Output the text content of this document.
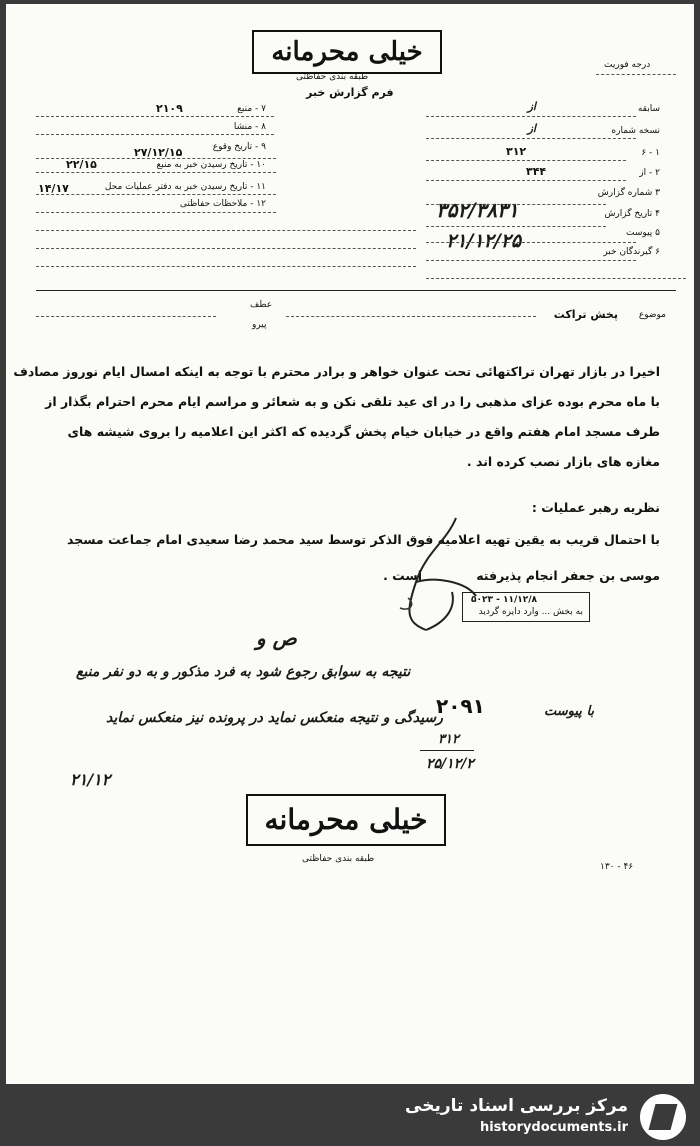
خیلی محرمانه
طبقه بندی حفاظتی
فرم گزارش خبر
درجه فوریت
سابقه
از
نسخه شماره
از
۱ - ۶
۳۱۲
۲ - از
۳۴۴
۳ شماره گزارش
۳۵۲/۳۸۳۱	۴ تاریخ گزارش
۲۱/۱۲/۲۵	۵ پیوست
۶ گیرندگان خبر
۷ - منبع
۲۱۰۹
۸ - منشا
۹ - تاریخ وقوع
۲۷/۱۲/۱۵
۱۰ - تاریخ رسیدن خبر به منبع
۲۲/۱۵
۱۱ - تاریخ رسیدن خبر به دفتر عملیات محل
۱۴/۱۷
۱۲ - ملاحظات حفاظتی
عطف
پیرو
موضوع
پخش تراکت
اخیرا در بازار تهران تراکتهائی تحت عنوان خواهر و برادر محترم با توجه به اینکه امسال ایام نوروز مصادف
با ماه محرم بوده عزای مذهبی را در ای عید تلقی نکن و به شعائر و مراسم ایام محرم احترام بگذار از
طرف مسجد امام هفتم واقع در خیابان خیام پخش گردیده که اکثر این اعلامیه را بروی شیشه های
مغازه های بازار نصب کرده اند .
نظریه رهبر عملیات :
با احتمال قریب به یقین تهیه اعلامیه فوق الذکر توسط سید محمد رضا سعیدی امام جماعت مسجد
موسی بن جعفر انجام پذیرفته
است .
۵۰۲۳ - ۱۱/۱۲/۸
به بخش ... وارد دایره گردید
ص و
نتیجه به سوابق رجوع شود به فرد مذکور و به دو نفر منبع
رسیدگی و نتیجه منعکس نماید در پرونده نیز منعکس نماید
۲۱/۱۲
با پیوست
۲۰۹۱
۳۱۲
۲۵/۱۲/۲
خیلی محرمانه
طبقه بندی حفاظتی
۱۳۰ - ۴۶
مرکز بررسی اسناد تاریخی
historydocuments.ir
